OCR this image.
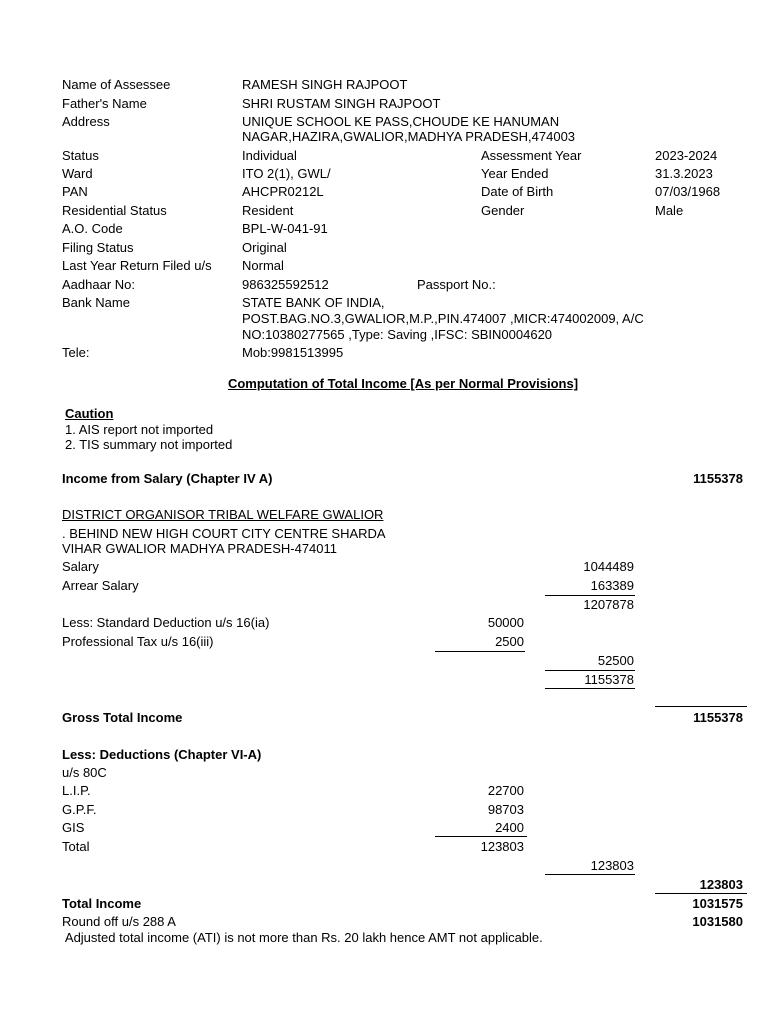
Name of Assessee	RAMESH SINGH RAJPOOT
Father's Name	SHRI RUSTAM SINGH RAJPOOT
Address	UNIQUE SCHOOL KE PASS,CHOUDE KE HANUMAN
NAGAR,HAZIRA,GWALIOR,MADHYA PRADESH,474003
Status	Individual	Assessment Year	2023-2024
Ward	ITO 2(1), GWL/	Year Ended	31.3.2023
PAN	AHCPR0212L	Date of Birth	07/03/1968
Residential Status	Resident	Gender	Male
A.O. Code	BPL-W-041-91
Filing Status	Original
Last Year Return Filed u/s Normal
Aadhaar No:	986325592512	Passport No.:
Bank Name	STATE BANK OF INDIA,
POST.BAG.NO.3,GWALIOR,M.P.,PIN.474007 ,MICR:474002009, A/C
NO:10380277565 ,Type: Saving ,IFSC: SBIN0004620
Tele:	Mob:9981513995
Computation of Total Income [As per Normal Provisions]
Caution
1. AIS report not imported
2. TIS summary not imported
Income from Salary (Chapter IV A)	1155378
DISTRICT ORGANISOR TRIBAL WELFARE GWALIOR
. BEHIND NEW HIGH COURT CITY CENTRE SHARDA
VIHAR GWALIOR MADHYA PRADESH-474011
Salary	1044489
Arrear Salary	163389
1207878
Less: Standard Deduction u/s 16(ia)	50000
Professional Tax u/s 16(iii)	2500
52500
1155378
Gross Total Income	1155378
Less: Deductions (Chapter VI-A)
u/s 80C
L.I.P.	22700
G.P.F.	98703
GIS	2400
Total	123803
123803
123803
Total Income	1031575
Round off u/s 288 A	1031580
Adjusted total income (ATI) is not more than Rs. 20 lakh hence AMT not applicable.
